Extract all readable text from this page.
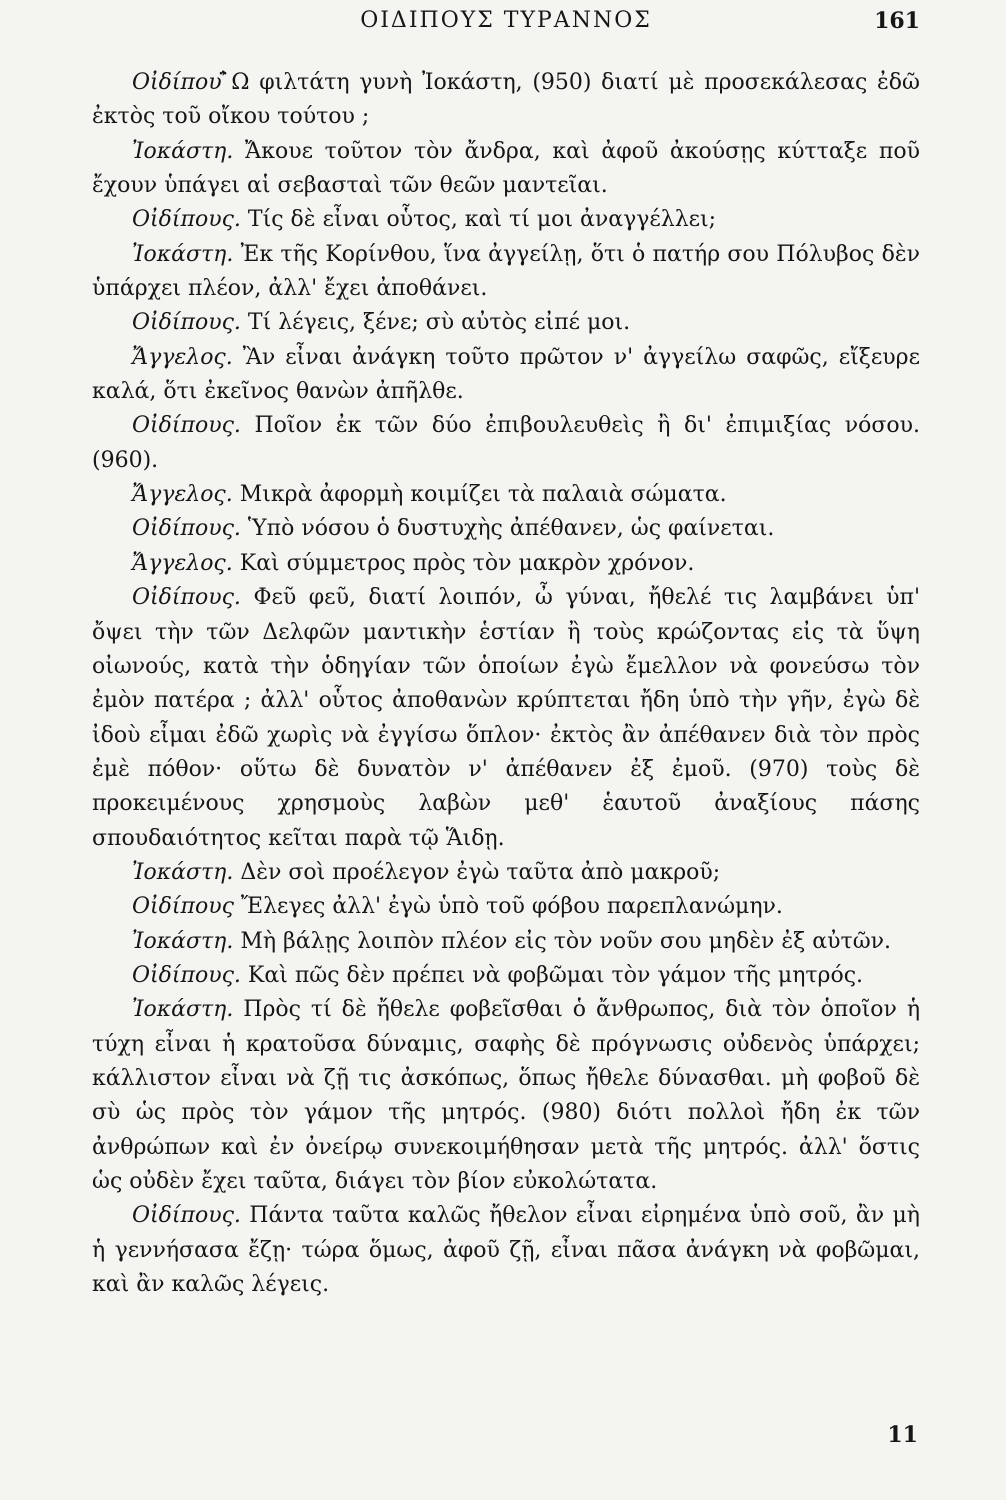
ΟΙΔΙΠΟΥΣ ΤΥΡΑΝΝΟΣ	161

Οἰδίπου ̓̈Ω φιλτάτη γυνὴ Ἰοκάστη, (950) διατί μὲ προσεκάλεσας ἐδῶ ἐκτὸς τοῦ οἴκου τούτου ;

Ἰοκάστη. Ἄκουε τοῦτον τὸν ἄνδρα, καὶ ἀφοῦ ἀκούσῃς κύτταξε ποῦ ἔχουν ὑπάγει αἱ σεβασταὶ τῶν θεῶν μαντεῖαι.

Οἰδίπους. Τίς δὲ εἶναι οὗτος, καὶ τί μοι ἀναγγέλλει;

Ἰοκάστη. Ἐκ τῆς Κορίνθου, ἵνα ἀγγείλῃ, ὅτι ὁ πατήρ σου Πόλυβος δὲν ὑπάρχει πλέον, ἀλλ' ἔχει ἀποθάνει.

Οἰδίπους. Τί λέγεις, ξένε; σὺ αὐτὸς εἰπέ μοι.

Ἄγγελος. Ἂν εἶναι ἀνάγκη τοῦτο πρῶτον ν' ἀγγείλω σαφῶς, εἴξευρε καλά, ὅτι ἐκεῖνος θανὼν ἀπῆλθε.

Οἰδίπους. Ποῖον ἐκ τῶν δύο ἐπιβουλευθεὶς ἢ δι' ἐπιμιξίας νόσου. (960).

Ἄγγελος. Μικρὰ ἀφορμὴ κοιμίζει τὰ παλαιὰ σώματα.

Οἰδίπους. Ὑπὸ νόσου ὁ δυστυχὴς ἀπέθανεν, ὡς φαίνεται.

Ἄγγελος. Καὶ σύμμετρος πρὸς τὸν μακρὸν χρόνον.

Οἰδίπους. Φεῦ φεῦ, διατί λοιπόν, ὦ γύναι, ἤθελέ τις λαμβάνει ὑπ' ὄψει τὴν τῶν Δελφῶν μαντικὴν ἑστίαν ἢ τοὺς κρώζοντας εἰς τὰ ὕψη οἰωνούς, κατὰ τὴν ὁδηγίαν τῶν ὁποίων ἐγὼ ἔμελλον νὰ φονεύσω τὸν ἐμὸν πατέρα ; ἀλλ' οὗτος ἀποθανὼν κρύπτεται ἤδη ὑπὸ τὴν γῆν, ἐγὼ δὲ ἰδοὺ εἶμαι ἐδῶ χωρὶς νὰ ἐγγίσω ὅπλον· ἐκτὸς ἂν ἀπέθανεν διὰ τὸν πρὸς ἐμὲ πόθον· οὕτω δὲ δυνατὸν ν' ἀπέθανεν ἐξ ἐμοῦ. (970) τοὺς δὲ προκειμένους χρησμοὺς λαβὼν μεθ' ἑαυτοῦ ἀναξίους πάσης σπουδαιότητος κεῖται παρὰ τῷ Ἅιδῃ.

Ἰοκάστη. Δὲν σοὶ προέλεγον ἐγὼ ταῦτα ἀπὸ μακροῦ;

Οἰδίπους Ἔλεγες ἀλλ' ἐγὼ ὑπὸ τοῦ φόβου παρεπλανώμην.

Ἰοκάστη. Μὴ βάλῃς λοιπὸν πλέον εἰς τὸν νοῦν σου μηδὲν ἐξ αὐτῶν.

Οἰδίπους. Καὶ πῶς δὲν πρέπει νὰ φοβῶμαι τὸν γάμον τῆς μητρός.

Ἰοκάστη. Πρὸς τί δὲ ἤθελε φοβεῖσθαι ὁ ἄνθρωπος, διὰ τὸν ὁποῖον ἡ τύχη εἶναι ἡ κρατοῦσα δύναμις, σαφὴς δὲ πρόγνωσις οὐδενὸς ὑπάρχει; κάλλιστον εἶναι νὰ ζῇ τις ἀσκόπως, ὅπως ἤθελε δύνασθαι. μὴ φοβοῦ δὲ σὺ ὡς πρὸς τὸν γάμον τῆς μητρός. (980) διότι πολλοὶ ἤδη ἐκ τῶν ἀνθρώπων καὶ ἐν ὀνείρῳ συνεκοιμήθησαν μετὰ τῆς μητρός. ἀλλ' ὅστις ὡς οὐδὲν ἔχει ταῦτα, διάγει τὸν βίον εὐκολώτατα.

Οἰδίπους. Πάντα ταῦτα καλῶς ἤθελον εἶναι εἰρημένα ὑπὸ σοῦ, ἂν μὴ ἡ γεννήσασα ἔζῃ· τώρα ὅμως, ἀφοῦ ζῇ, εἶναι πᾶσα ἀνάγκη νὰ φοβῶμαι, καὶ ἂν καλῶς λέγεις.

11
